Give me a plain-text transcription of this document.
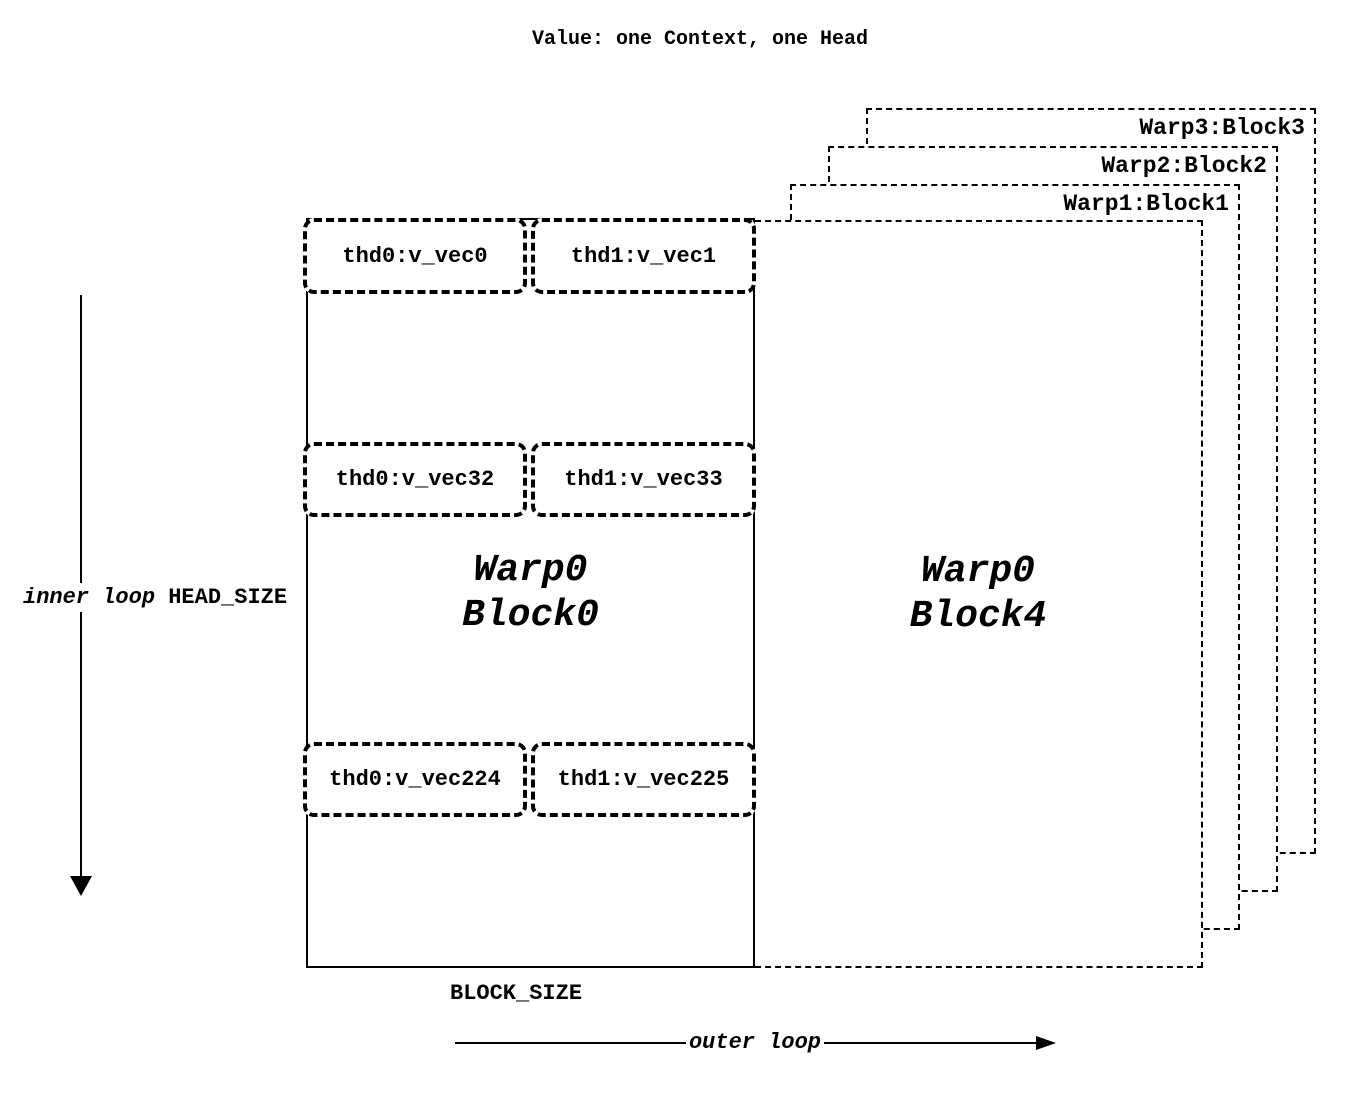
Value: one Context, one Head
Warp3:Block3
Warp2:Block2
Warp1:Block1
Warp0
Block4
Warp0
Block0
thd0:v_vec0	thd1:v_vec1
thd0:v_vec32	thd1:v_vec33
thd0:v_vec224	thd1:v_vec225
inner loop HEAD_SIZE
BLOCK_SIZE
outer loop
